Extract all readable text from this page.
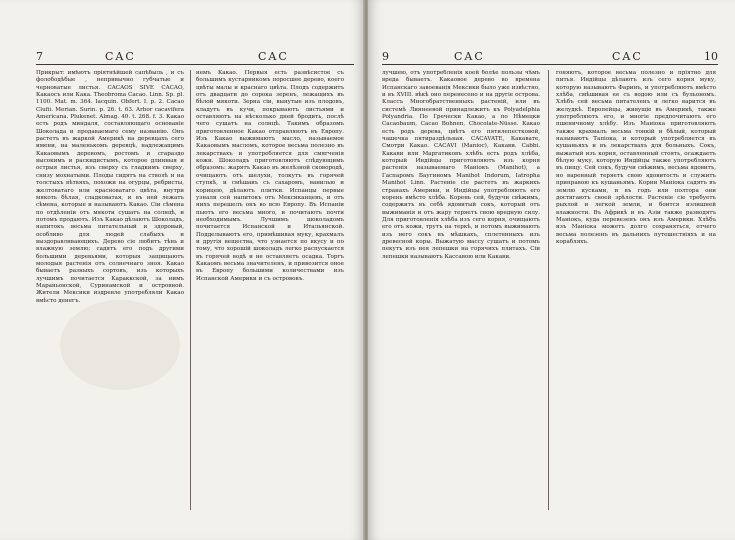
7	CAC	CAC

Прикрыт: имѣютъ пріятнѣйшей сапѣбыль , и съ фолободѣбые , непривычно губчатые и черноватые листья. CACAOS SIVE CACAO, Какаосъ или Кака. Theobroma Cacao. Linn. Sp. pl. 1100. Mat. m. 364. Iacquin. Obfert. I. p. 2. Cacao Clufii. Merian. Surin. p. 26. t. 63. Arbor cacavifera Americana. Plukenet. Almag. 40. t. 268. f. 3. Какао есть родъ миндаля, составляющаго основаніе Шоколада и продаваемаго сему названію. Онъ растетъ въ жаркой Америкѣ на деревцахъ сего имени, на маленькомъ деревцѣ, надлежащимъ Какаовымъ деревомъ, ростомъ и сгараздо высокимъ и раскидистымъ, которое длинныя и острыя листья, изъ сверху съ гладкимъ сверху, снизу мохнатыми. Плоды сидятъ на стволѣ и на толстыхъ вѣтвяхъ, похожи на огурцы, ребристы, желтоватаго или красноватаго цвѣта, внутри мякоть бѣлая, сладковатая, и въ ней лежатъ сѣмена, которые и называютъ Какао. Сіи сѣмена по отдѣленіи отъ мякоти сушатъ на солнцѣ, и потомъ продаютъ. Изъ Какао дѣлаютъ Шоколадъ, напитокъ весьма питательный и здоровый, особливо для людей слабыхъ и выздоравливающихъ. Дерево сіе любитъ тѣнь и влажную землю; садятъ его подъ другими большими деревьями, которыя защищаютъ молодыя растенія отъ солнечнаго зноя. Какао бываетъ разныхъ сортовъ, изъ которыхъ лучшимъ почитается Караккской, за нимъ Мараньонской, Суринамской и островной. Жители Мексики издревле употребляли Какао вмѣсто денегъ.

немъ Какао. Первыя есть развѣсистое съ большимъ кустарникомъ поросшее дерево, коего цвѣты малы и краснаго цвѣта. Плодъ содержитъ отъ двадцати до сорока зеренъ, лежащихъ въ бѣлой мякоти. Зерна сіи, вынутые изъ плодовъ, кладутъ въ кучи, покрываютъ листьями и оставляютъ на нѣсколько дней бродить, послѣ чего сушатъ на солнцѣ. Такимъ образомъ приготовленное Какао отправляютъ въ Европу. Изъ Какао выжимаютъ масло, называемое Какаовымъ масломъ, которое весьма полезно въ лекарствахъ и употребляется для смягченія кожи. Шоколадъ приготовляютъ слѣдующимъ образомъ: жарятъ Какао въ желѣзной сковородѣ, очищаютъ отъ шелухи, толкутъ въ горячей ступкѣ, и смѣшавъ съ сахаромъ, ванилью и корицею, дѣлаютъ плитки. Испанцы первые узнали сей напитокъ отъ Мексиканцевъ, и отъ нихъ перешелъ онъ во всю Европу. Въ Испаніи пьютъ его весьма много, и почитаютъ почти необходимымъ. Лучшимъ шоколадомъ почитается Испанской и Итальянской. Подделываютъ его, примѣшивая муку, крахмалъ и другія вещества, что узнается по вкусу и по тому, что хорошій шоколадъ легко распускается въ горячей водѣ и не оставляетъ осадка. Торгъ Какаомъ весьма значителенъ, и привозится оное въ Европу большими количествами изъ Испанской Америки и съ острововъ.

9	CAC	CAC	10

лучшею, отъ употребленія коей болѣе пользы чѣмъ вреда бываетъ. Какаовое дерево во времена Испанскаго завоеванія Мексики было уже извѣстно, и въ XVIII. вѣкѣ оно перенесено и на другіе острова. Классъ Многобратственныхъ растеній, или въ системѣ Линнеевой принадлежитъ къ Polyadelphia Polyandria. По Гречески Какао, а по Нѣмецки Cacaobaum, Cacao Bohnen, Chocolate-Nüsse. Какао есть родъ дерева, цвѣтъ его пятилепестковой, чашечка пятираздѣльная. CACAVATE, Какавате, Смотри Какао. CACAVI (Manioc), Какави. Cabbi. Какави или Маргатиковъ хлѣбъ есть родъ хлѣба, который Индійцы приготовляютъ изъ корня растенія называемаго Маніокъ (Manihot), а Гаспаромъ Баугиномъ Manihot Indorum, Iatropha Manihot Linn. Растеніе сіе растетъ въ жаркихъ странахъ Америки, и Индійцы употребляютъ его корень вмѣсто хлѣба. Корень сей, будучи свѣжимъ, содержитъ въ себѣ ядовитый сокъ, который отъ выжиманія и отъ жару теряетъ свою вредную силу. Для приготовленія хлѣба изъ сего корня, очищаютъ его отъ кожи, трутъ на теркѣ, и потомъ выжимаютъ изъ него сокъ въ мѣшкахъ, сплетенныхъ изъ древесной коры. Выжатую массу сушатъ и потомъ пекутъ изъ нея лепешки на горячихъ плитахъ. Сіи лепешки называютъ Кассавою или Какави.

гоняютъ, которое весьма полезно и пріятно для питья. Индійцы дѣлаютъ изъ сего корня муку, которую называютъ Фаринъ, и употребляютъ вмѣсто хлѣба, смѣшивая ее съ водою или съ бульономъ. Хлѣбъ сей весьма питателенъ и легко варится въ желудкѣ. Европейцы, живущіе въ Америкѣ, также употребляютъ его, и многіе предпочитаютъ его пшеничному хлѣбу. Изъ Маніока приготовляютъ также крахмалъ весьма тонкій и бѣлый, который называютъ Тапіока, и который употребляется въ кушаньяхъ и въ лекарствахъ для больныхъ. Сокъ, выжатый изъ корня, оставленный стоять, осаждаетъ бѣлую муку, которую Индійцы также употребляютъ въ пищу. Сей сокъ, будучи свѣжимъ, весьма ядовитъ, но варенный теряетъ свою ядовитость и служитъ приправою къ кушаньямъ. Корни Маніока садятъ въ землю кусками, и въ годъ или полтора они достигаютъ своей зрѣлости. Растеніе сіе требуетъ рыхлой и легкой земли, и боится излишней влажности. Въ Африкѣ и въ Азіи также разводятъ Маніокъ, куда перевезенъ онъ изъ Америки. Хлѣбъ изъ Маніока можетъ долго сохраняться, отчего весьма полезенъ въ дальнихъ путешествіяхъ и на корабляхъ.
